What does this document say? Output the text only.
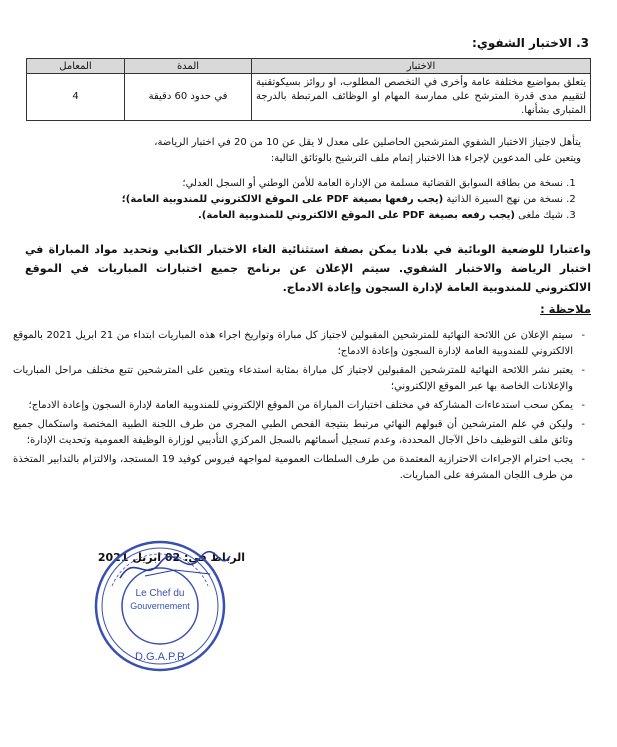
3. الاختبار الشفوي:
الاختبار	المدة	المعامل
يتعلق بمواضيع مختلفة عامة وأخرى في التخصص المطلوب، او روائز بسيكوتقنية لتقييم مدى قدرة المترشح على ممارسة المهام او الوظائف المرتبطة بالدرجة المتبارى بشأنها.	في حدود 60 دقيقة	4
يتأهل لاجتياز الاختبار الشفوي المترشحين الحاصلين على معدل لا يقل عن 10 من 20 في اختبار الرياضة،
ويتعين على المدعوين لإجراء هذا الاختبار إتمام ملف الترشيح بالوثائق التالية:
1. نسخة من بطاقة السوابق القضائية مسلمة من الإدارة العامة للأمن الوطني أو السجل العدلي؛
2. نسخة من نهج السيرة الذاتية (يجب رفعها بصيغة PDF على الموقع الالكتروني للمندوبية العامة)؛
3. شيك ملغى (يجب رفعه بصيغة PDF على الموقع الالكتروني للمندوبية العامة).
واعتبارا للوضعية الوبائية في بلادنا يمكن بصفة استثنائية الغاء الاختبار الكتابي وتحديد مواد المباراة في اختبار الرياضة والاختبار الشفوي. سيتم الإعلان عن برنامج جميع اختبارات المباريات في الموقع الالكتروني للمندوبية العامة لإدارة السجون وإعادة الادماج.
ملاحظة :
- سيتم الإعلان عن اللائحة النهائية للمترشحين المقبولين لاجتياز كل مباراة وتواريخ اجراء هذه المباريات ابتداء من 21 ابريل 2021 بالموقع الالكتروني للمندوبية العامة لإدارة السجون وإعادة الادماج؛
- يعتبر نشر اللائحة النهائية للمترشحين المقبولين لاجتياز كل مباراة بمثابة استدعاء ويتعين على المترشحين تتبع مختلف مراحل المباريات والإعلانات الخاصة بها عبر الموقع الإلكتروني؛
- يمكن سحب استدعاءات المشاركة في مختلف اختبارات المباراة من الموقع الإلكتروني للمندوبية العامة لإدارة السجون وإعادة الادماج؛
- وليكن في علم المترشحين أن قبولهم النهائي مرتبط بنتيجة الفحص الطبي المجرى من طرف اللجنة الطبية المختصة واستكمال جميع وثائق ملف التوظيف داخل الآجال المحددة، وعدم تسجيل أسمائهم بالسجل المركزي التأديبي لوزارة الوظيفة العمومية وتحديث الإدارة؛
- يجب احترام الإجراءات الاحترازية المعتمدة من طرف السلطات العمومية لمواجهة فيروس كوفيد 19 المستجد، والالتزام بالتدابير المتخذة من طرف اللجان المشرفة على المباريات.
الرباط في: 02 ابريل 2021
Le Chef du
Gouvernement
D.G.A.P.R
